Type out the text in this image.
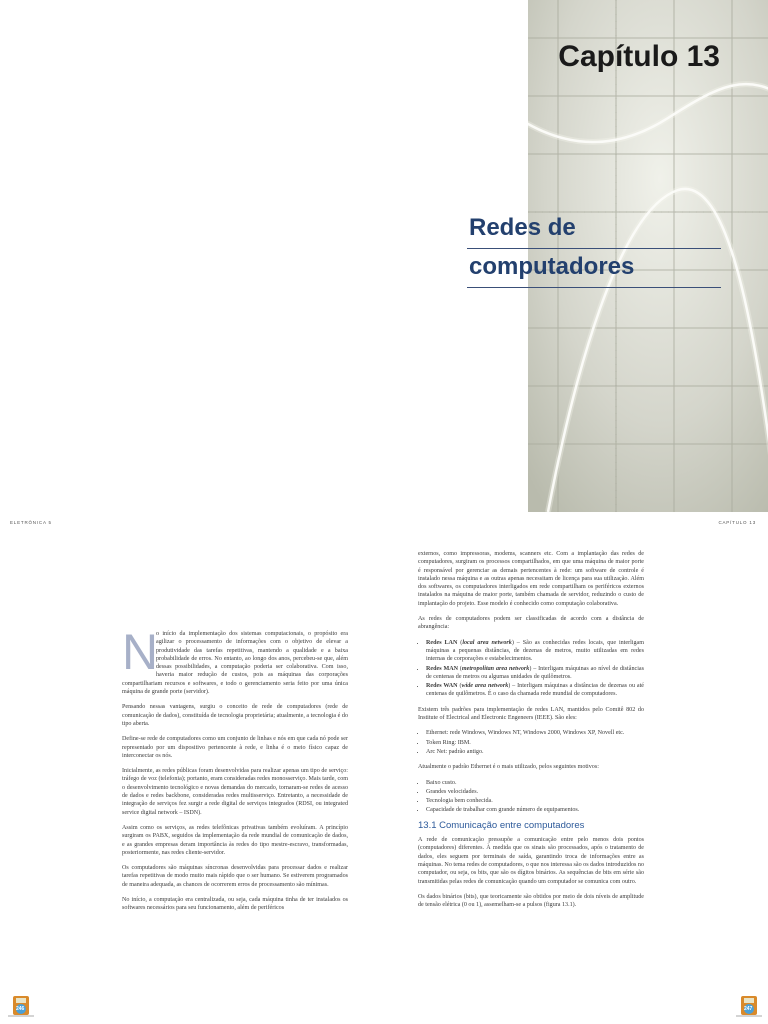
Capítulo 13
Redes de
computadores
ELETRÔNICA 5	CAPÍTULO 13

N
o início da implementação dos sistemas computacionais, o propósito era agilizar o processamento de informações com o objetivo de elevar a produtividade das tarefas repetitivas, mantendo a qualidade e a baixa probabilidade de erros. No entanto, ao longo dos anos, percebeu-se que, além dessas possibilidades, a computação poderia ser colaborativa. Com isso, haveria maior redução de custos, pois as máquinas das corporações compartilhariam recursos e softwares, e todo o gerenciamento seria feito por uma única máquina de grande porte (servidor).

Pensando nessas vantagens, surgiu o conceito de rede de computadores (rede de comunicação de dados), constituída de tecnologia proprietária; atualmente, a tecnologia é do tipo aberta.

Define-se rede de computadores como um conjunto de linhas e nós em que cada nó pode ser representado por um dispositivo pertencente à rede, e linha é o meio físico capaz de interconectar os nós.

Inicialmente, as redes públicas foram desenvolvidas para realizar apenas um tipo de serviço: tráfego de voz (telefonia); portanto, eram consideradas redes monosserviço. Mais tarde, com o desenvolvimento tecnológico e novas demandas do mercado, tornaram-se redes de acesso de dados e redes backbone, consideradas redes multisserviço. Entretanto, a necessidade de integração de serviços fez surgir a rede digital de serviços integrados (RDSI, ou integrated service digital network – ISDN).

Assim como os serviços, as redes telefônicas privativas também evoluíram. A princípio surgiram os PABX, seguidos da implementação da rede mundial de comunicação de dados, e as grandes empresas deram importância às redes do tipo mestre-escravo, transformadas, posteriormente, nas redes cliente-servidor.

Os computadores são máquinas síncronas desenvolvidas para processar dados e realizar tarefas repetitivas de modo muito mais rápido que o ser humano. Se estiverem programados de maneira adequada, as chances de ocorrerem erros de processamento são mínimas.

No início, a computação era centralizada, ou seja, cada máquina tinha de ter instalados os softwares necessários para seu funcionamento, além de periféricos

externos, como impressoras, modems, scanners etc. Com a implantação das redes de computadores, surgiram os processos compartilhados, em que uma máquina de maior porte é responsável por gerenciar as demais pertencentes à rede: um software de controle é instalado nessa máquina e as outras apenas necessitam de licença para sua utilização. Além dos softwares, os computadores interligados em rede compartilham os periféricos externos instalados na máquina de maior porte, também chamada de servidor, reduzindo o custo de implantação do projeto. Esse modelo é conhecido como computação colaborativa.

As redes de computadores podem ser classificadas de acordo com a distância de abrangência:

• Redes LAN (local area network) – São as conhecidas redes locais, que interligam máquinas a pequenas distâncias, de dezenas de metros, muito utilizadas em redes internas de corporações e estabelecimentos.
• Redes MAN (metropolitan area network) – Interligam máquinas ao nível de distâncias de centenas de metros ou algumas unidades de quilômetros.
• Redes WAN (wide area network) – Interligam máquinas a distâncias de dezenas ou até centenas de quilômetros. É o caso da chamada rede mundial de computadores.

Existem três padrões para implementação de redes LAN, mantidos pelo Comitê 802 do Institute of Electrical and Electronic Engeneers (IEEE). São eles:

• Ethernet: rede Windows, Windows NT, Windows 2000, Windows XP, Novell etc.
• Token Ring: IBM.
• Arc Net: padrão antigo.

Atualmente o padrão Ethernet é o mais utilizado, pelos seguintes motivos:

• Baixo custo.
• Grandes velocidades.
• Tecnologia bem conhecida.
• Capacidade de trabalhar com grande número de equipamentos.
13.1 Comunicação entre computadores

A rede de comunicação pressupõe a comunicação entre pelo menos dois pontos (computadores) diferentes. À medida que os sinais são processados, após o tratamento de dados, eles seguem por terminais de saída, garantindo troca de informações entre as máquinas. No tema redes de computadores, o que nos interessa são os dados introduzidos no computador, ou seja, os bits, que são os dígitos binários. As sequências de bits em série são transmitidas pelas redes de comunicação quando um computador se comunica com outro.

Os dados binários (bits), que teoricamente são obtidos por meio de dois níveis de amplitude de tensão elétrica (0 ou 1), assemelham-se a pulsos (figura 13.1).

246	247
